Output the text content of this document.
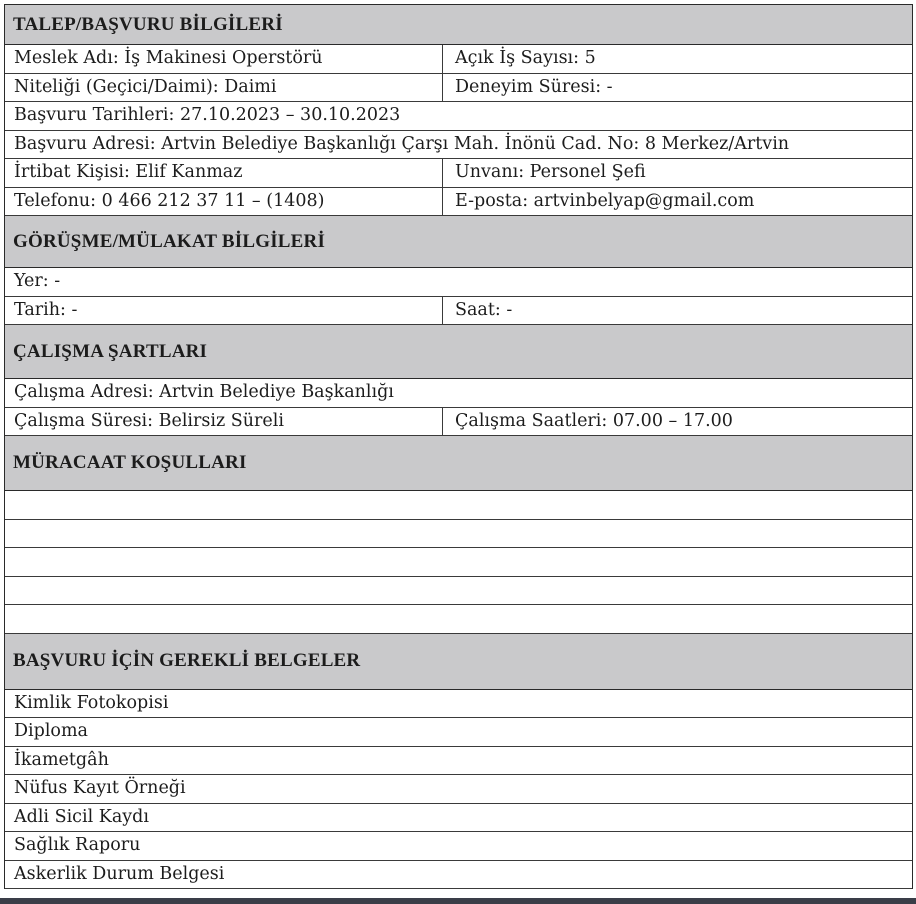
TALEP/BAŞVURU BİLGİLERİ
Meslek Adı: İş Makinesi Operstörü	Açık İş Sayısı: 5
Niteliği (Geçici/Daimi): Daimi	Deneyim Süresi: -
Başvuru Tarihleri: 27.10.2023 – 30.10.2023
Başvuru Adresi: Artvin Belediye Başkanlığı Çarşı Mah. İnönü Cad. No: 8 Merkez/Artvin
İrtibat Kişisi: Elif Kanmaz	Unvanı: Personel Şefi
Telefonu: 0 466 212 37 11 – (1408)	E-posta: artvinbelyap@gmail.com
GÖRÜŞME/MÜLAKAT BİLGİLERİ
Yer: -
Tarih: -	Saat: -
ÇALIŞMA ŞARTLARI
Çalışma Adresi: Artvin Belediye Başkanlığı
Çalışma Süresi: Belirsiz Süreli	Çalışma Saatleri: 07.00 – 17.00
MÜRACAAT KOŞULLARI
BAŞVURU İÇİN GEREKLİ BELGELER
Kimlik Fotokopisi
Diploma
İkametgâh
Nüfus Kayıt Örneği
Adli Sicil Kaydı
Sağlık Raporu
Askerlik Durum Belgesi
